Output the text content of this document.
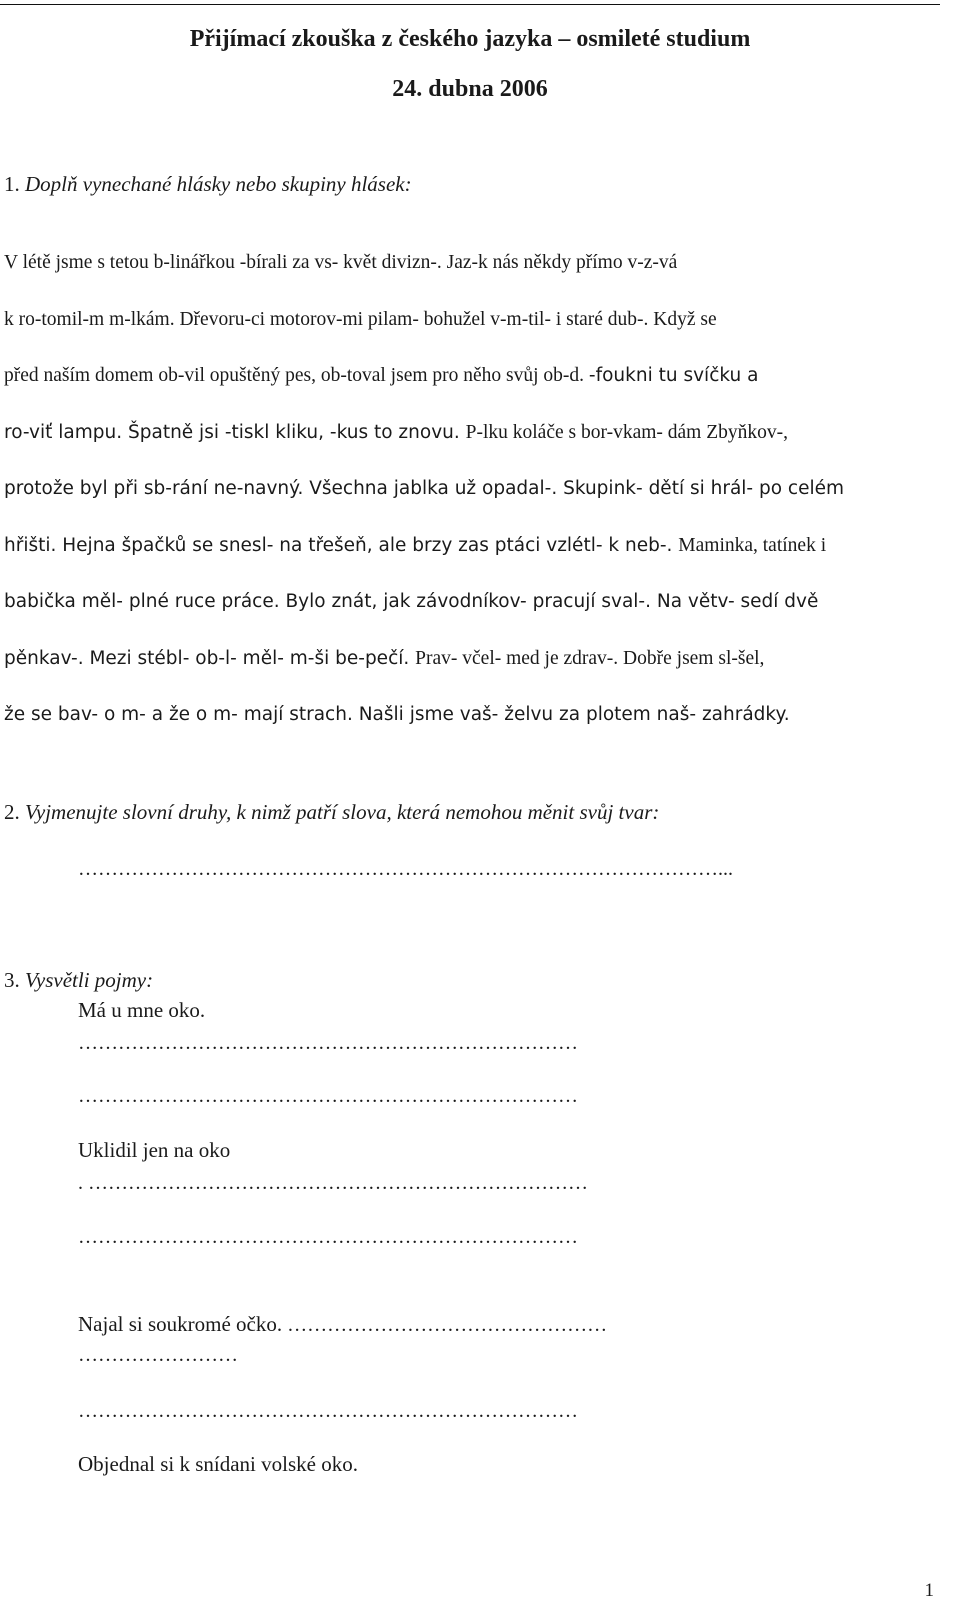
Přijímací zkouška z českého jazyka – osmileté studium
24. dubna 2006
1. Doplň vynechané hlásky nebo skupiny hlásek:

V létě jsme s tetou b-linářkou -bírali za vs- květ divizn-. Jaz-k nás někdy přímo v-z-vá
k ro-tomil-m m-lkám. Dřevoru-ci motorov-mi pilam- bohužel v-m-til- i staré dub-. Když se
před naším domem ob-vil opuštěný pes, ob-toval jsem pro něho svůj ob-d. -foukni tu svíčku a
ro-viť lampu. Špatně jsi -tiskl kliku, -kus to znovu. P-lku koláče s bor-vkam- dám Zbyňkov-,
protože byl při sb-rání ne-navný. Všechna jablka už opadal-. Skupink- dětí si hrál- po celém
hřišti. Hejna špačků se snesl- na třešeň, ale brzy zas ptáci vzlétl- k neb-. Maminka, tatínek i
babička měl- plné ruce práce. Bylo znát, jak závodníkov- pracují sval-. Na větv- sedí dvě
pěnkav-. Mezi stébl- ob-l- měl- m-ši be-pečí. Prav- včel- med je zdrav-. Dobře jsem sl-šel,
že se bav- o m- a že o m- mají strach. Našli jsme vaš- želvu za plotem naš- zahrádky.

2. Vyjmenujte slovní druhy, k nimž patří slova, která nemohou měnit svůj tvar:
……………………………………………………………………………………...
3. Vysvětli pojmy:
Má u mne oko.
…………………………………………………………………
…………………………………………………………………
Uklidil jen na oko
. …………………………………………………………………
…………………………………………………………………
Najal si soukromé očko. …………………………………………
……………………
…………………………………………………………………
Objednal si k snídani volské oko.
1
